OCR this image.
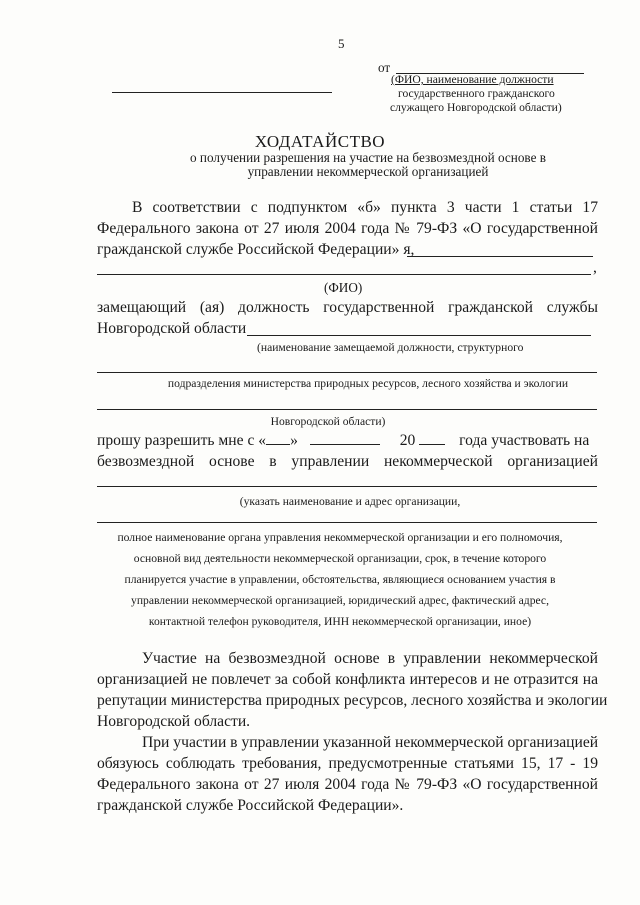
5
от
(ФИО, наименование должности
государственного гражданского
служащего Новгородской области)
ХОДАТАЙСТВО
о получении разрешения на участие на безвозмездной основе в
управлении некоммерческой организацией
В соответствии с подпунктом «б» пункта 3 части 1 статьи 17
Федерального закона от 27 июля 2004 года № 79-ФЗ «О государственной
гражданской службе Российской Федерации» я,
,
(ФИО)
замещающий (ая) должность государственной гражданской службы
Новгородской области
(наименование замещаемой должности, структурного
подразделения министерства природных ресурсов, лесного хозяйства и экологии
Новгородской области)
прошу разрешить мне с « »	20	года участвовать на
безвозмездной основе в управлении некоммерческой организацией
(указать наименование и адрес организации,
полное наименование органа управления некоммерческой организации и его полномочия,
основной вид деятельности некоммерческой организации, срок, в течение которого
планируется участие в управлении, обстоятельства, являющиеся основанием участия в
управлении некоммерческой организацией, юридический адрес, фактический адрес,
контактной телефон руководителя, ИНН некоммерческой организации, иное)
Участие на безвозмездной основе в управлении некоммерческой
организацией не повлечет за собой конфликта интересов и не отразится на
репутации министерства природных ресурсов, лесного хозяйства и экологии
Новгородской области.
При участии в управлении указанной некоммерческой организацией
обязуюсь соблюдать требования, предусмотренные статьями 15, 17 - 19
Федерального закона от 27 июля 2004 года № 79-ФЗ «О государственной
гражданской службе Российской Федерации».
